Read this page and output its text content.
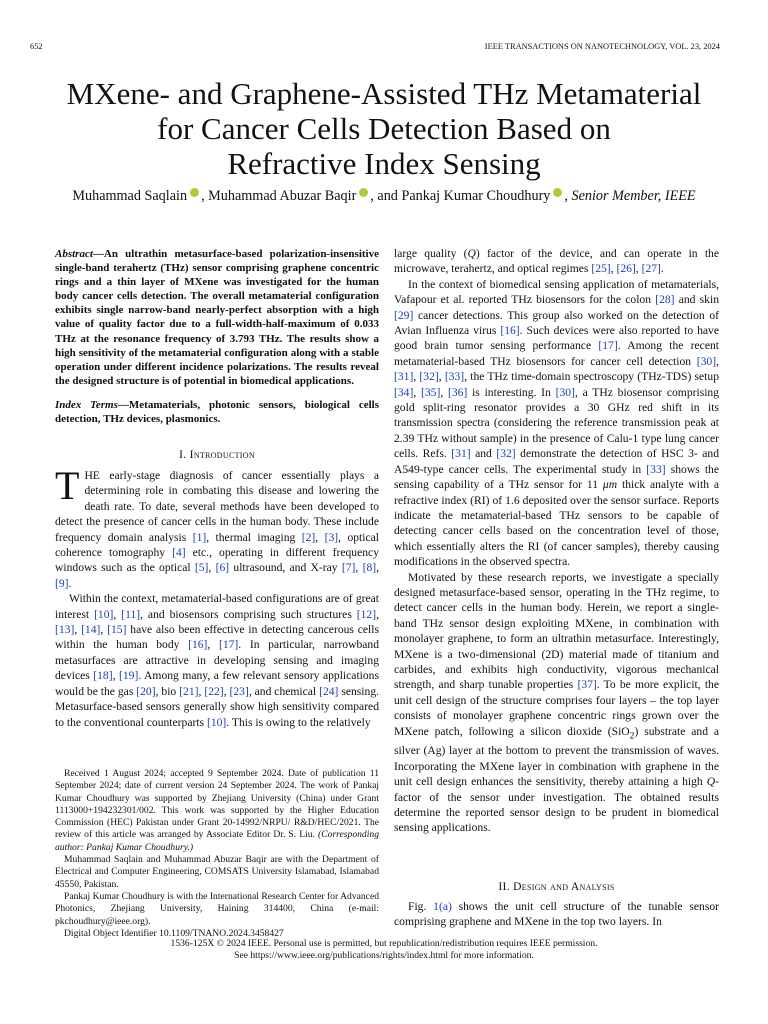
652	IEEE TRANSACTIONS ON NANOTECHNOLOGY, VOL. 23, 2024
MXene- and Graphene-Assisted THz Metamaterial
for Cancer Cells Detection Based on
Refractive Index Sensing
Muhammad Saqlain , Muhammad Abuzar Baqir , and Pankaj Kumar Choudhury , Senior Member, IEEE
Abstract—An ultrathin metasurface-based polarization-insensitive single-band terahertz (THz) sensor comprising graphene concentric rings and a thin layer of MXene was investigated for the human body cancer cells detection. The overall metamaterial configuration exhibits single narrow-band nearly-perfect absorption with a high value of quality factor due to a full-width-half-maximum of 0.033 THz at the resonance frequency of 3.793 THz. The results show a high sensitivity of the metamaterial configuration along with a stable operation under different incidence polarizations. The results reveal the designed structure is of potential in biomedical applications.
Index Terms—Metamaterials, photonic sensors, biological cells detection, THz devices, plasmonics.
I. Introduction

THE early-stage diagnosis of cancer essentially plays a determining role in combating this disease and lowering the death rate. To date, several methods have been developed to detect the presence of cancer cells in the human body. These include frequency domain analysis [1], thermal imaging [2], [3], optical coherence tomography [4] etc., operating in different frequency windows such as the optical [5], [6] ultrasound, and X-ray [7], [8], [9].

Within the context, metamaterial-based configurations are of great interest [10], [11], and biosensors comprising such structures [12], [13], [14], [15] have also been effective in detecting cancerous cells within the human body [16], [17]. In particular, narrowband metasurfaces are attractive in developing sensing and imaging devices [18], [19]. Among many, a few relevant sensory applications would be the gas [20], bio [21], [22], [23], and chemical [24] sensing. Metasurface-based sensors generally show high sensitivity compared to the conventional counterparts [10]. This is owing to the relatively

Received 1 August 2024; accepted 9 September 2024. Date of publication 11 September 2024; date of current version 24 September 2024. The work of Pankaj Kumar Choudhury was supported by Zhejiang University (China) under Grant 1113000+194232301/002. This work was supported by the Higher Education Commission (HEC) Pakistan under Grant 20-14992/NRPU/ R&D/HEC/2021. The review of this article was arranged by Associate Editor Dr. S. Liu. (Corresponding author: Pankaj Kumar Choudhury.)

Muhammad Saqlain and Muhammad Abuzar Baqir are with the Department of Electrical and Computer Engineering, COMSATS University Islamabad, Islamabad 45550, Pakistan.

Pankaj Kumar Choudhury is with the International Research Center for Advanced Photonics, Zhejiang University, Haining 314400, China (e-mail: pkchoudhury@ieee.org).

Digital Object Identifier 10.1109/TNANO.2024.3458427

large quality (Q) factor of the device, and can operate in the microwave, terahertz, and optical regimes [25], [26], [27].

In the context of biomedical sensing application of metamaterials, Vafapour et al. reported THz biosensors for the colon [28] and skin [29] cancer detections. This group also worked on the detection of Avian Influenza virus [16]. Such devices were also reported to have good brain tumor sensing performance [17]. Among the recent metamaterial-based THz biosensors for cancer cell detection [30], [31], [32], [33], the THz time-domain spectroscopy (THz-TDS) setup [34], [35], [36] is interesting. In [30], a THz biosensor comprising gold split-ring resonator provides a 30 GHz red shift in its transmission spectra (considering the reference transmission peak at 2.39 THz without sample) in the presence of Calu-1 type lung cancer cells. Refs. [31] and [32] demonstrate the detection of HSC 3- and A549-type cancer cells. The experimental study in [33] shows the sensing capability of a THz sensor for 11 μm thick analyte with a refractive index (RI) of 1.6 deposited over the sensor surface. Reports indicate the metamaterial-based THz sensors to be capable of detecting cancer cells based on the concentration level of those, which essentially alters the RI (of cancer samples), thereby causing modifications in the observed spectra.

Motivated by these research reports, we investigate a specially designed metasurface-based sensor, operating in the THz regime, to detect cancer cells in the human body. Herein, we report a single-band THz sensor design exploiting MXene, in combination with monolayer graphene, to form an ultrathin metasurface. Interestingly, MXene is a two-dimensional (2D) material made of titanium and carbides, and exhibits high conductivity, vigorous mechanical strength, and sharp tunable properties [37]. To be more explicit, the unit cell design of the structure comprises four layers – the top layer consists of monolayer graphene concentric rings grown over the MXene patch, following a silicon dioxide (SiO$_2$) substrate and a silver (Ag) layer at the bottom to prevent the transmission of waves. Incorporating the MXene layer in combination with graphene in the unit cell design enhances the sensitivity, thereby attaining a high Q-factor of the sensor under investigation. The obtained results determine the reported sensor design to be prudent in biomedical sensing applications.

II. Design and Analysis

Fig. 1(a) shows the unit cell structure of the tunable sensor comprising graphene and MXene in the top two layers. In

1536-125X © 2024 IEEE. Personal use is permitted, but republication/redistribution requires IEEE permission.
See https://www.ieee.org/publications/rights/index.html for more information.
